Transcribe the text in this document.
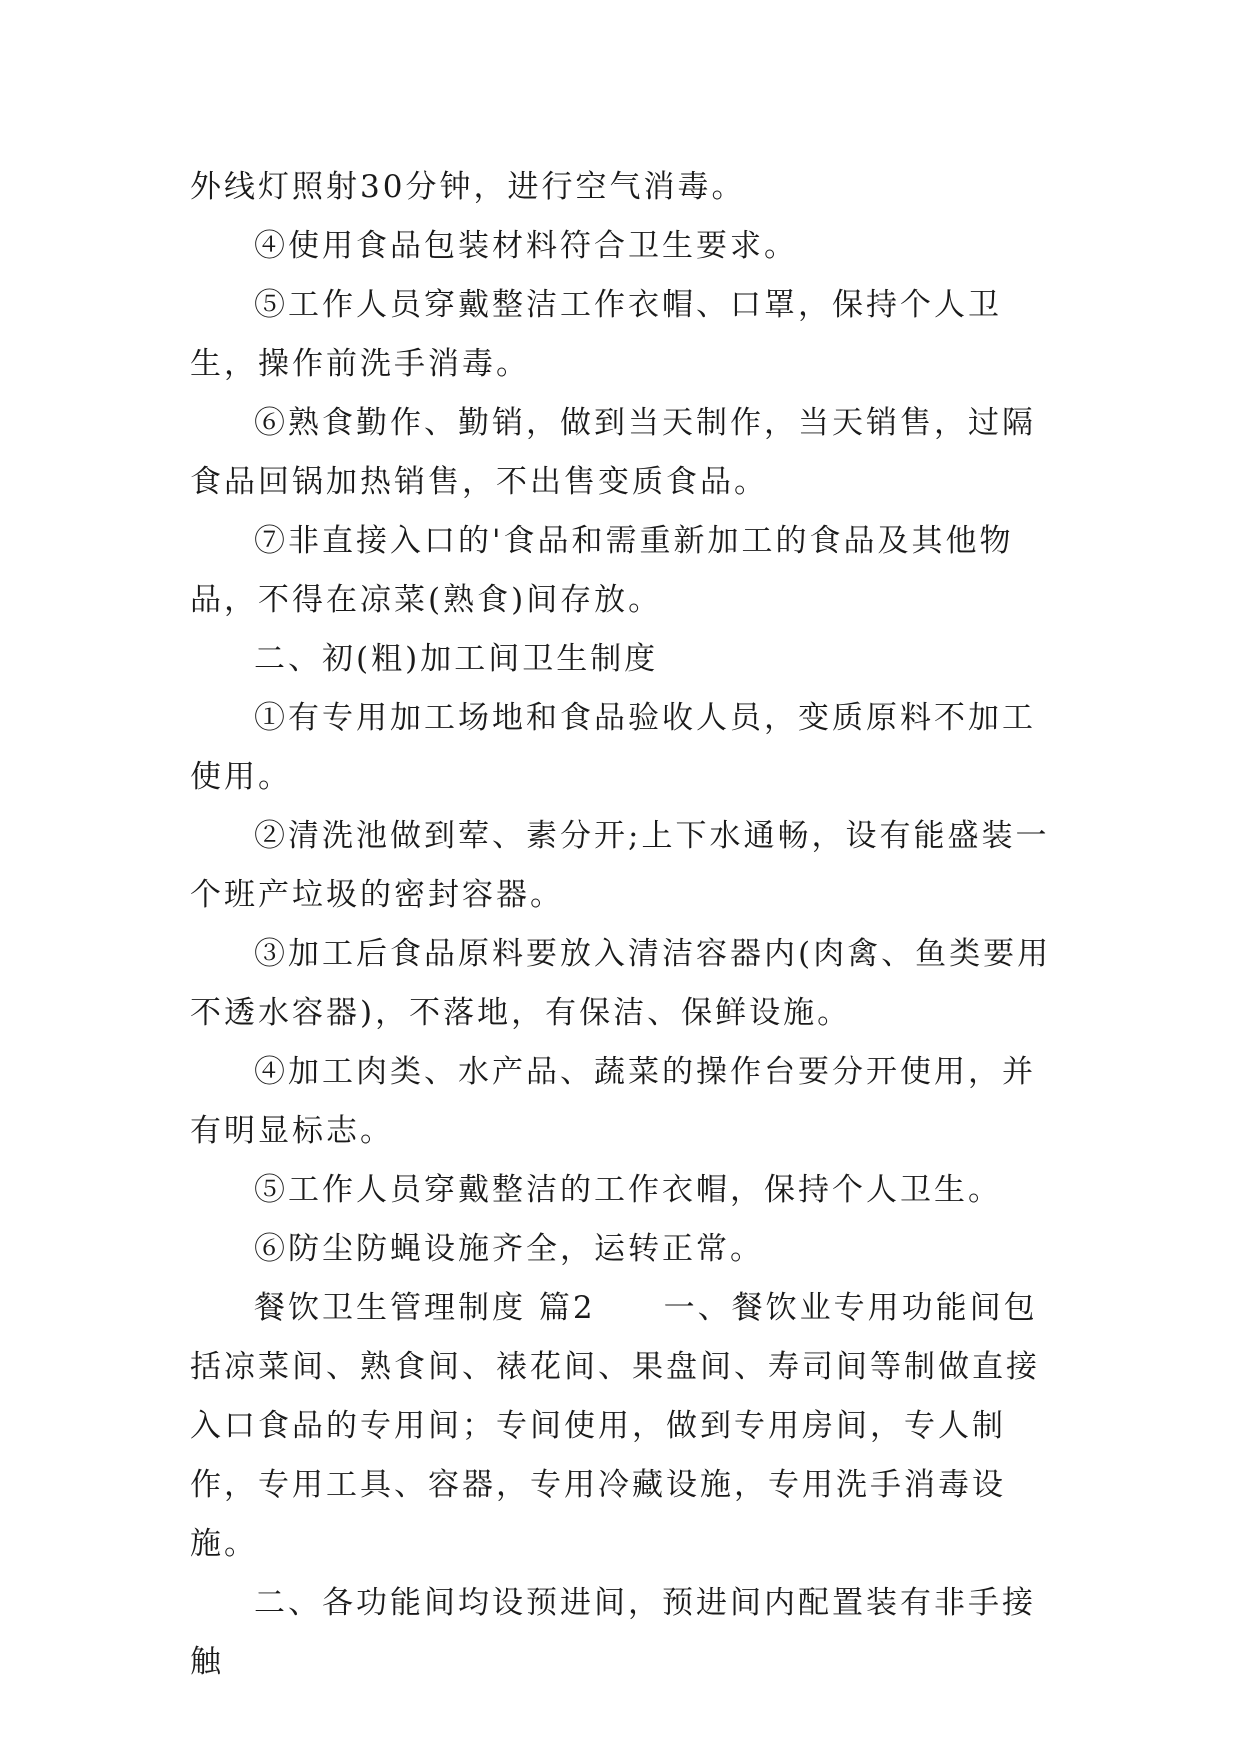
外线灯照射30分钟，进行空气消毒。

④使用食品包装材料符合卫生要求。

⑤工作人员穿戴整洁工作衣帽、口罩，保持个人卫生，操作前洗手消毒。

⑥熟食勤作、勤销，做到当天制作，当天销售，过隔食品回锅加热销售，不出售变质食品。

⑦非直接入口的'食品和需重新加工的食品及其他物品，不得在凉菜(熟食)间存放。

二、初(粗)加工间卫生制度

①有专用加工场地和食品验收人员，变质原料不加工使用。

②清洗池做到荤、素分开;上下水通畅，设有能盛装一个班产垃圾的密封容器。

③加工后食品原料要放入清洁容器内(肉禽、鱼类要用不透水容器)，不落地，有保洁、保鲜设施。

④加工肉类、水产品、蔬菜的操作台要分开使用，并有明显标志。

⑤工作人员穿戴整洁的工作衣帽，保持个人卫生。

⑥防尘防蝇设施齐全，运转正常。

餐饮卫生管理制度 篇2　　一、餐饮业专用功能间包括凉菜间、熟食间、裱花间、果盘间、寿司间等制做直接入口食品的专用间；专间使用，做到专用房间，专人制作，专用工具、容器，专用冷藏设施，专用洗手消毒设施。

二、各功能间均设预进间，预进间内配置装有非手接触
